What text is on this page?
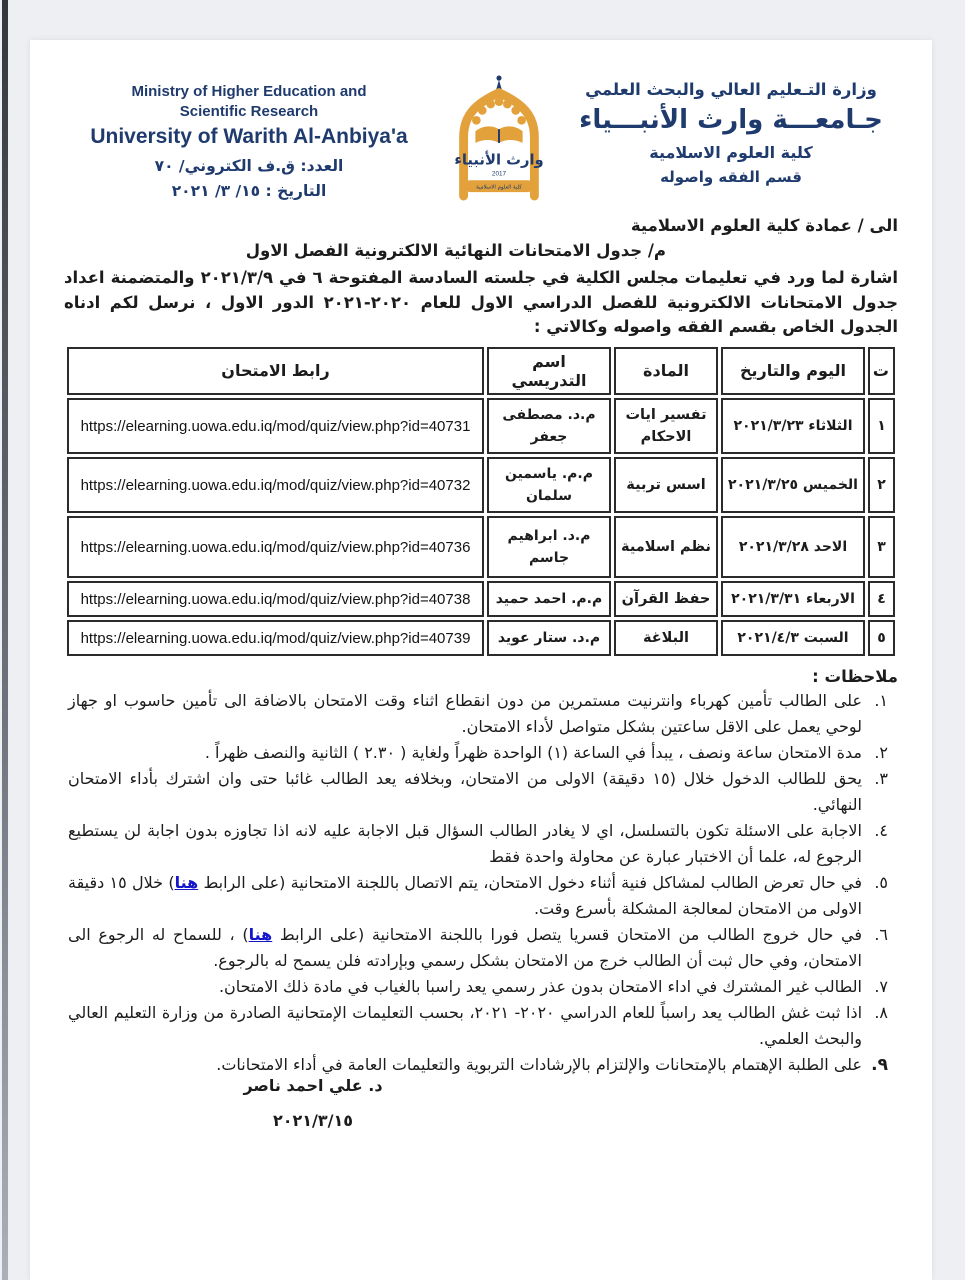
Ministry of Higher Education and
Scientific Research
University of Warith Al-Anbiya'a
العدد: ق.ف الكتروني/ ٧٠
التاريخ : ١٥/ ٣/ ٢٠٢١
وارث الأنبياء
2017
كلية العلوم الاسلامية
وزارة التـعليم العالي والبحث العلمي
جـامعـــة وارث الأنبـــياء
كلية العلوم الاسلامية
قسم الفقه واصوله
الى / عمادة كلية العلوم الاسلامية
م/ جدول الامتحانات النهائية الالكترونية الفصل الاول
اشارة لما ورد في تعليمات مجلس الكلية في جلسته السادسة المفتوحة ٦ في ٢٠٢١/٣/٩ والمتضمنة اعداد جدول الامتحانات الالكترونية للفصل الدراسي الاول للعام ٢٠٢٠-٢٠٢١ الدور الاول ، نرسل لكم ادناه الجدول الخاص بقسم الفقه واصوله وكالاتي :
ت	اليوم والتاريخ	المادة	اسم التدريسي	رابط الامتحان
١	الثلاثاء ٢٠٢١/٣/٢٣	تفسير ايات الاحكام	م.د. مصطفى جعفر	https://elearning.uowa.edu.iq/mod/quiz/view.php?id=40731
٢	الخميس ٢٠٢١/٣/٢٥	اسس تربية	م.م. ياسمين سلمان	https://elearning.uowa.edu.iq/mod/quiz/view.php?id=40732
٣	الاحد ٢٠٢١/٣/٢٨	نظم اسلامية	م.د. ابراهيم جاسم	https://elearning.uowa.edu.iq/mod/quiz/view.php?id=40736
٤	الاربعاء ٢٠٢١/٣/٣١	حفظ القرآن	م.م. احمد حميد	https://elearning.uowa.edu.iq/mod/quiz/view.php?id=40738
٥	السبت ٢٠٢١/٤/٣	البلاغة	م.د. ستار عويد	https://elearning.uowa.edu.iq/mod/quiz/view.php?id=40739
ملاحظات :
١.
على الطالب تأمين كهرباء وانترنيت مستمرين من دون انقطاع اثناء وقت الامتحان بالاضافة الى تأمين حاسوب او جهاز لوحي يعمل على الاقل ساعتين بشكل متواصل لأداء الامتحان.
٢.
مدة الامتحان ساعة ونصف ، يبدأ في الساعة (١) الواحدة ظهراً ولغاية ( ٢.٣٠ ) الثانية والنصف ظهراً .
٣.
يحق للطالب الدخول خلال (١٥ دقيقة) الاولى من الامتحان، وبخلافه يعد الطالب غائبا حتى وان اشترك بأداء الامتحان النهائي.
٤.
الاجابة على الاسئلة تكون بالتسلسل، اي لا يغادر الطالب السؤال قبل الاجابة عليه لانه اذا تجاوزه بدون اجابة لن يستطيع الرجوع له، علما أن الاختبار عبارة عن محاولة واحدة فقط
٥.
في حال تعرض الطالب لمشاكل فنية أثناء دخول الامتحان، يتم الاتصال باللجنة الامتحانية (على الرابط هنا) خلال ١٥ دقيقة الاولى من الامتحان لمعالجة المشكلة بأسرع وقت.
٦.
في حال خروج الطالب من الامتحان قسريا يتصل فورا باللجنة الامتحانية (على الرابط هنا) ، للسماح له الرجوع الى الامتحان، وفي حال ثبت أن الطالب خرج من الامتحان بشكل رسمي وبإرادته فلن يسمح له بالرجوع.
٧.
الطالب غير المشترك في اداء الامتحان بدون عذر رسمي يعد راسبا بالغياب في مادة ذلك الامتحان.
٨.
اذا ثبت غش الطالب يعد راسباً للعام الدراسي ٢٠٢٠- ٢٠٢١، بحسب التعليمات الإمتحانية الصادرة من وزارة التعليم العالي والبحث العلمي.
٩.
على الطلبة الإهتمام بالإمتحانات والإلتزام بالإرشادات التربوية والتعليمات العامة في أداء الامتحانات.
د. علي احمد ناصر
٢٠٢١/٣/١٥
